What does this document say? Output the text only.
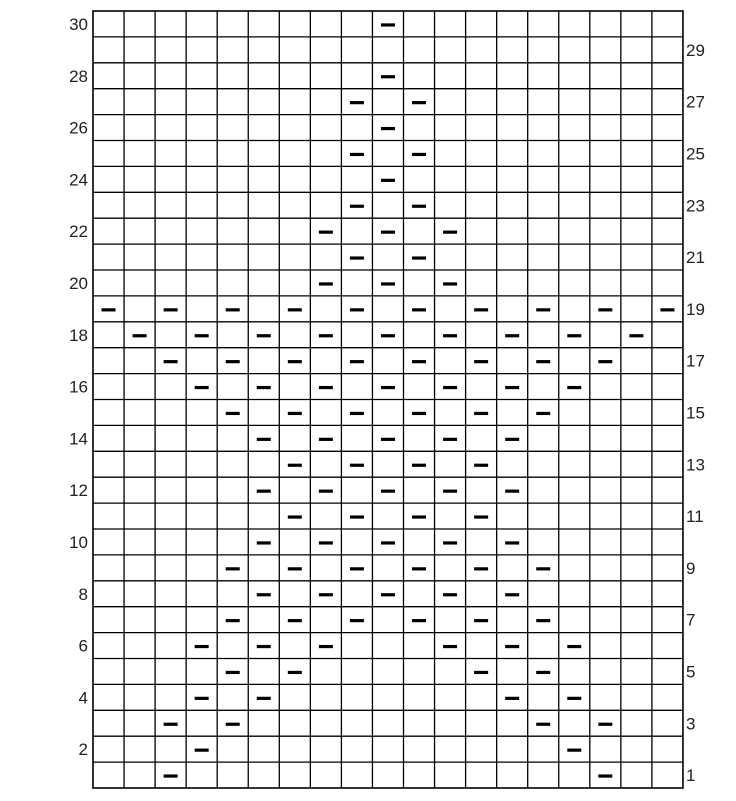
30
28
26
24
22
20
18
16
14
12
10
8
6
4
2
29
27
25
23
21
19
17
15
13
11
9
7
5
3
1
